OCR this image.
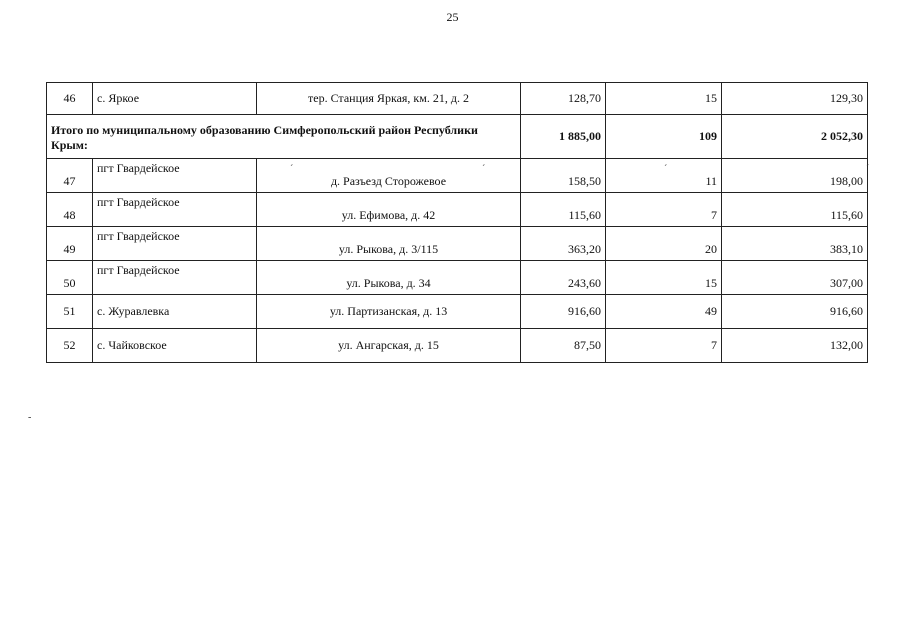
25
46	с. Яркое	тер. Станция Яркая, км. 21, д. 2	128,70	15	129,30
Итого по муниципальному образованию Симферопольский район Республики Крым:			1 885,00	109	2 052,30
47	пгт Гвардейское	д. Разъезд Сторожевое	158,50	11	198,00
48	пгт Гвардейское	ул. Ефимова, д. 42	115,60	7	115,60
49	пгт Гвардейское	ул. Рыкова, д. 3/115	363,20	20	383,10
50	пгт Гвардейское	ул. Рыкова, д. 34	243,60	15	307,00
51	с. Журавлевка	ул. Партизанская, д. 13	916,60	49	916,60
52	с. Чайковское	ул. Ангарская, д. 15	87,50	7	132,00
ˊ	ˊ	ˊ	ˊ
-
